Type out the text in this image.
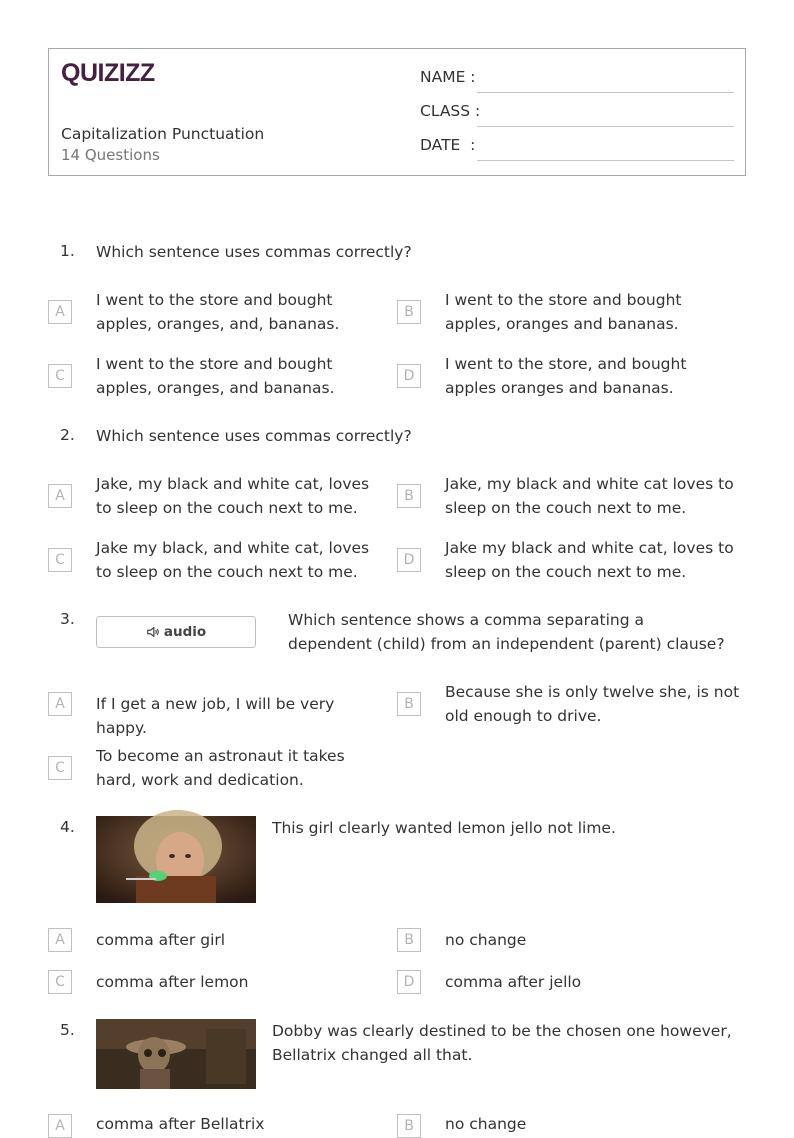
QUIZIZZ
Capitalization Punctuation
14 Questions
NAME :
CLASS :
DATE  :
1. Which sentence uses commas correctly?
A
I went to the store and bought apples, oranges, and, bananas.
B
I went to the store and bought apples, oranges and bananas.
C
I went to the store and bought apples, oranges, and bananas.
D
I went to the store, and bought apples oranges and bananas.
2. Which sentence uses commas correctly?
A
Jake, my black and white cat, loves to sleep on the couch next to me.
B
Jake, my black and white cat loves to sleep on the couch next to me.
C
Jake my black, and white cat, loves to sleep on the couch next to me.
D
Jake my black and white cat, loves to sleep on the couch next to me.
3.
audio
Which sentence shows a comma separating a dependent (child) from an independent (parent) clause?
A	If I get a new job, I will be very happy.
B
Because she is only twelve she, is not old enough to drive.
C
To become an astronaut it takes hard, work and dedication.
4.	This girl clearly wanted lemon jello not lime.
A	comma after girl	B	no change
C	comma after lemon	D	comma after jello
5.	Dobby was clearly destined to be the chosen one however, Bellatrix changed all that.
A	comma after Bellatrix	B	no change
